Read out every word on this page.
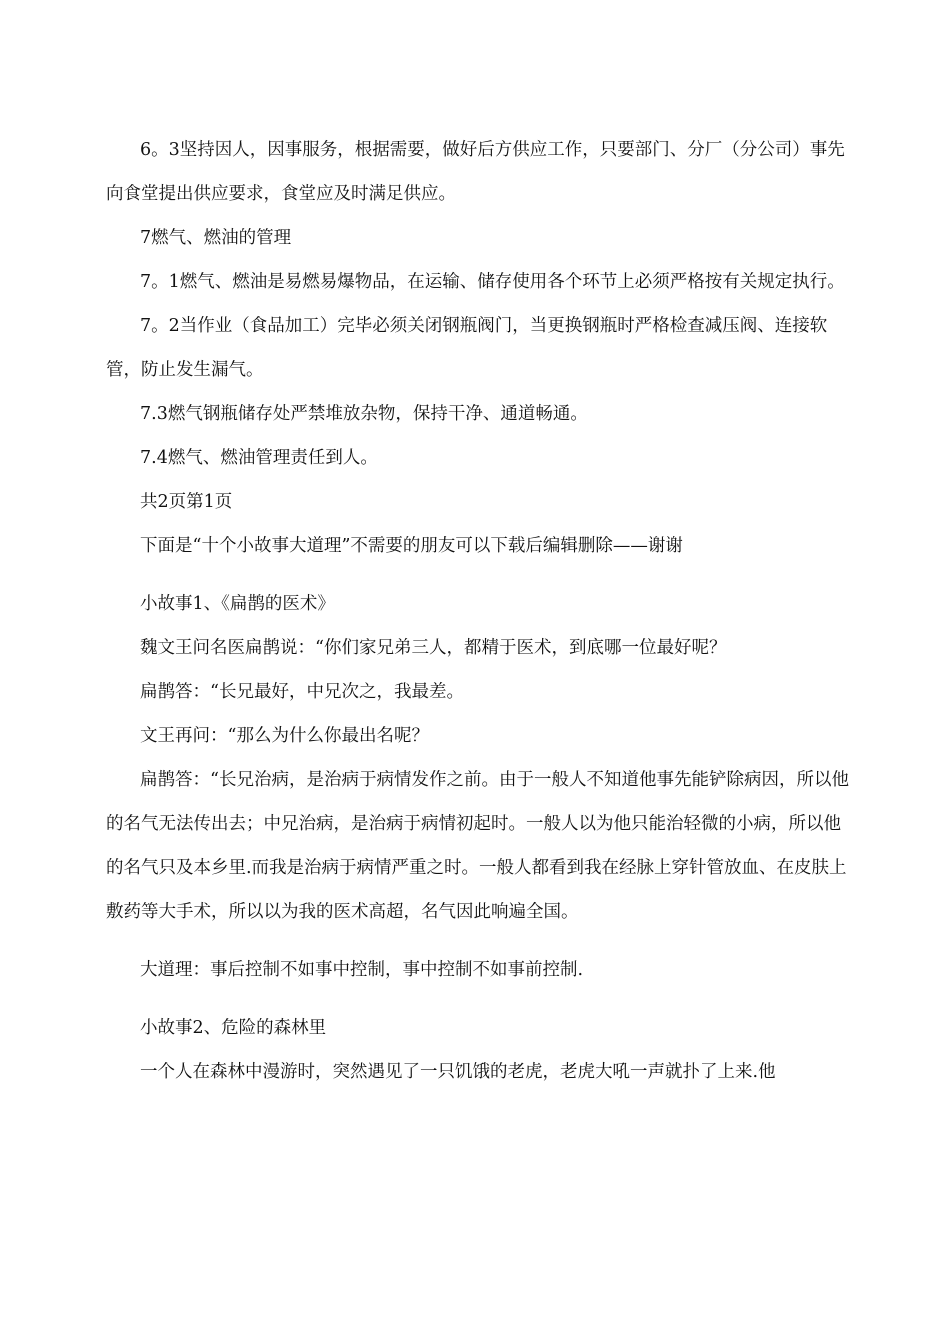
6。3坚持因人，因事服务，根据需要，做好后方供应工作，只要部门、分厂（分公司）事先向食堂提出供应要求，食堂应及时满足供应。

7燃气、燃油的管理

7。1燃气、燃油是易燃易爆物品，在运输、储存使用各个环节上必须严格按有关规定执行。

7。2当作业（食品加工）完毕必须关闭钢瓶阀门，当更换钢瓶时严格检查减压阀、连接软管，防止发生漏气。

7.3燃气钢瓶储存处严禁堆放杂物，保持干净、通道畅通。

7.4燃气、燃油管理责任到人。

共2页第1页

下面是“十个小故事大道理”不需要的朋友可以下载后编辑删除——谢谢

小故事1、《扁鹊的医术》

魏文王问名医扁鹊说：“你们家兄弟三人，都精于医术，到底哪一位最好呢？

扁鹊答：“长兄最好，中兄次之，我最差。

文王再问：“那么为什么你最出名呢？

扁鹊答：“长兄治病，是治病于病情发作之前。由于一般人不知道他事先能铲除病因，所以他的名气无法传出去；中兄治病，是治病于病情初起时。一般人以为他只能治轻微的小病，所以他的名气只及本乡里.而我是治病于病情严重之时。一般人都看到我在经脉上穿针管放血、在皮肤上敷药等大手术，所以以为我的医术高超，名气因此响遍全国。

大道理：事后控制不如事中控制，事中控制不如事前控制.

小故事2、危险的森林里

一个人在森林中漫游时，突然遇见了一只饥饿的老虎，老虎大吼一声就扑了上来.他
